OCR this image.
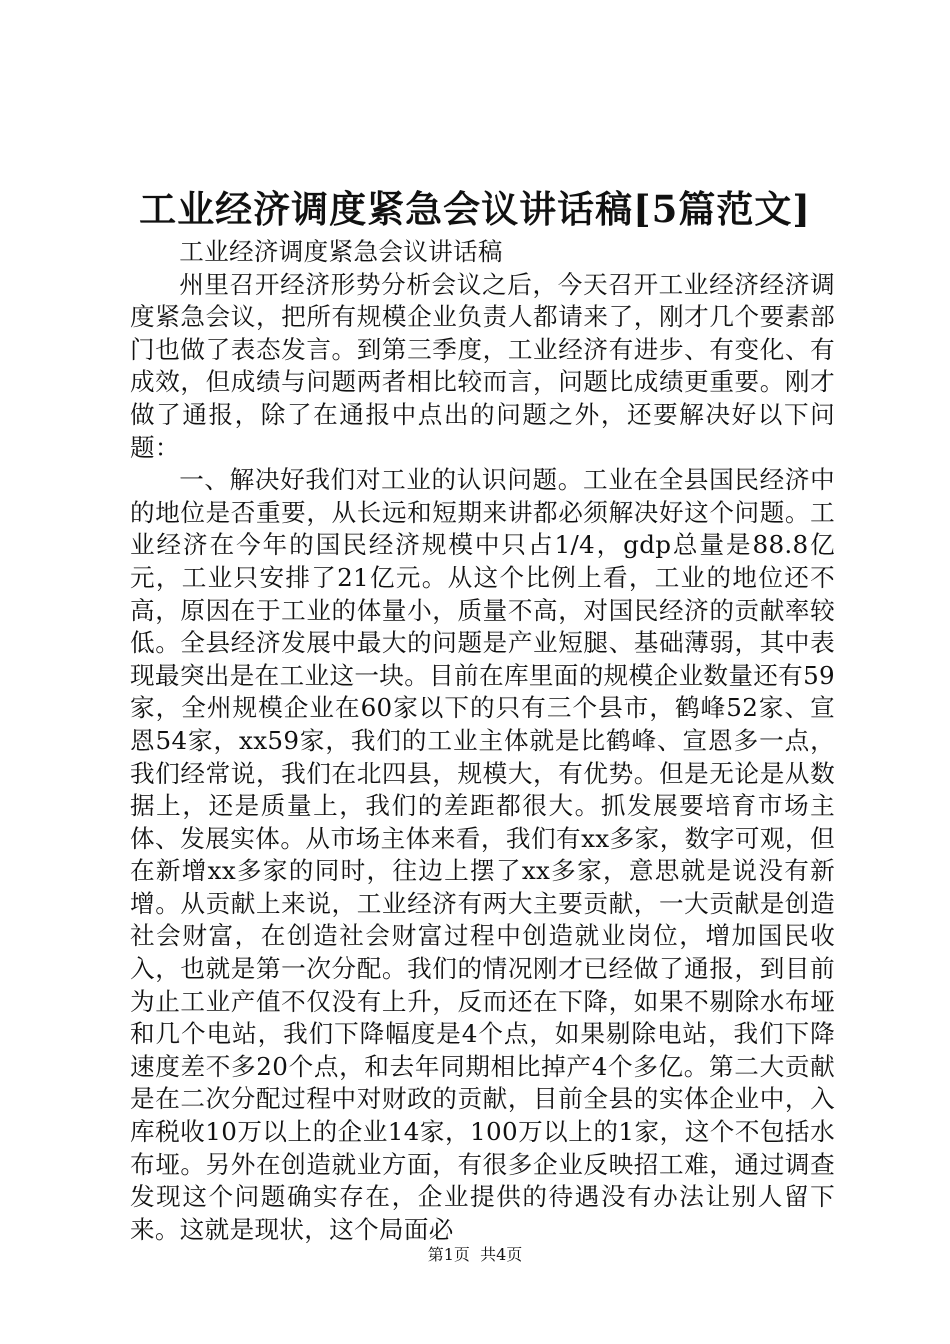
工业经济调度紧急会议讲话稿[5篇范文]

工业经济调度紧急会议讲话稿

州里召开经济形势分析会议之后，今天召开工业经济经济调度紧急会议，把所有规模企业负责人都请来了，刚才几个要素部门也做了表态发言。到第三季度，工业经济有进步、有变化、有成效，但成绩与问题两者相比较而言，问题比成绩更重要。刚才做了通报，除了在通报中点出的问题之外，还要解决好以下问题：

一、解决好我们对工业的认识问题。工业在全县国民经济中的地位是否重要，从长远和短期来讲都必须解决好这个问题。工业经济在今年的国民经济规模中只占1/4，gdp总量是88.8亿元，工业只安排了21亿元。从这个比例上看，工业的地位还不高，原因在于工业的体量小，质量不高，对国民经济的贡献率较低。全县经济发展中最大的问题是产业短腿、基础薄弱，其中表现最突出是在工业这一块。目前在库里面的规模企业数量还有59家，全州规模企业在60家以下的只有三个县市，鹤峰52家、宣恩54家，xx59家，我们的工业主体就是比鹤峰、宣恩多一点，我们经常说，我们在北四县，规模大，有优势。但是无论是从数据上，还是质量上，我们的差距都很大。抓发展要培育市场主体、发展实体。从市场主体来看，我们有xx多家，数字可观，但在新增xx多家的同时，往边上摆了xx多家，意思就是说没有新增。从贡献上来说，工业经济有两大主要贡献，一大贡献是创造社会财富，在创造社会财富过程中创造就业岗位，增加国民收入，也就是第一次分配。我们的情况刚才已经做了通报，到目前为止工业产值不仅没有上升，反而还在下降，如果不剔除水布垭和几个电站，我们下降幅度是4个点，如果剔除电站，我们下降速度差不多20个点，和去年同期相比掉产4个多亿。第二大贡献是在二次分配过程中对财政的贡献，目前全县的实体企业中，入库税收10万以上的企业14家，100万以上的1家，这个不包括水布垭。另外在创造就业方面，有很多企业反映招工难，通过调查发现这个问题确实存在，企业提供的待遇没有办法让别人留下来。这就是现状，这个局面必

第1页 共4页
